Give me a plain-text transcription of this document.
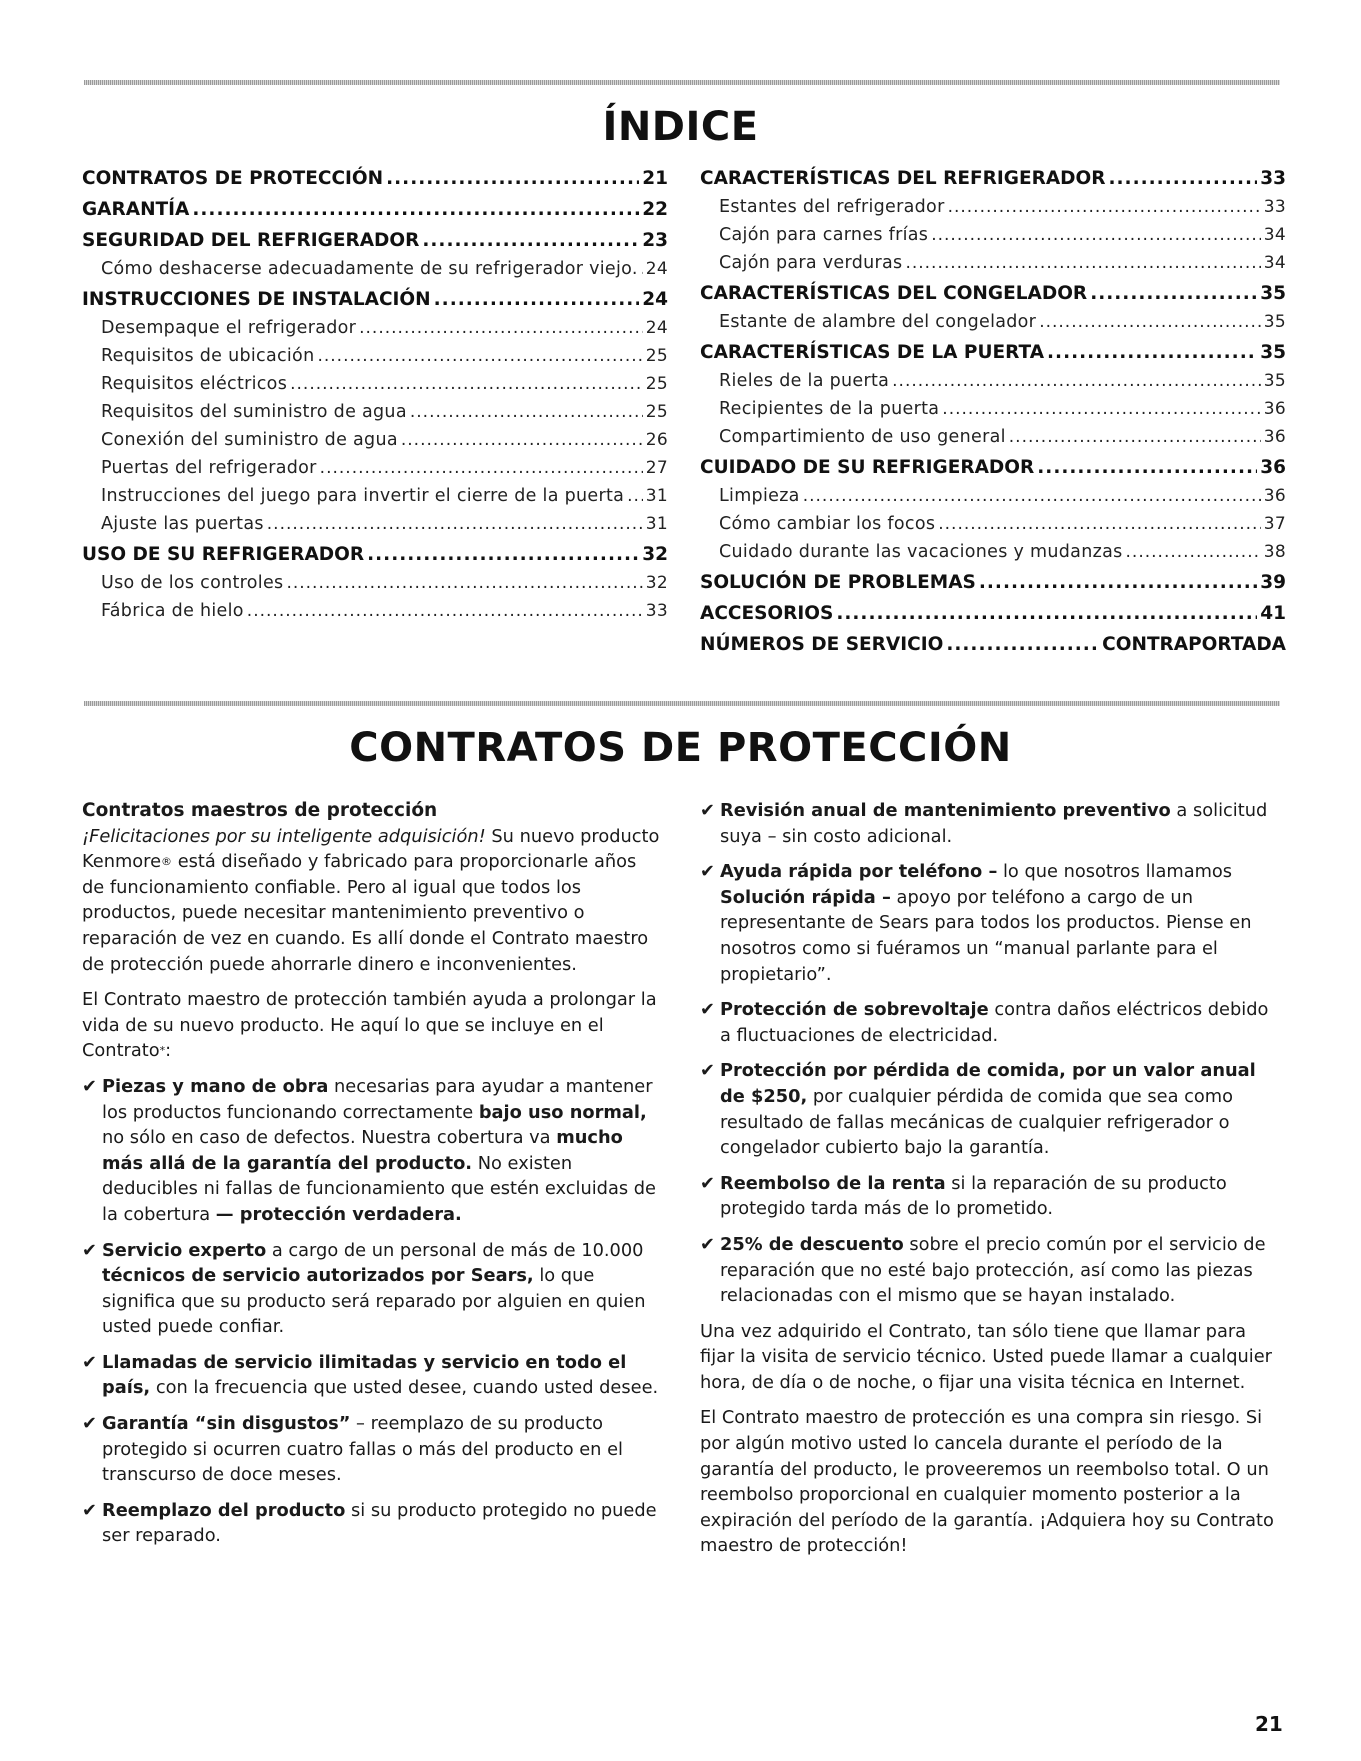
ÍNDICE
CONTRATOS DE PROTECCIÓN .....	21
GARANTÍA .....	22
SEGURIDAD DEL REFRIGERADOR .....	23
Cómo deshacerse adecuadamente de su refrigerador viejo. ..... 24
INSTRUCCIONES DE INSTALACIÓN .....	24
Desempaque el refrigerador .....	24
Requisitos de ubicación .....	25
Requisitos eléctricos .....	25
Requisitos del suministro de agua .....	25
Conexión del suministro de agua .....	26
Puertas del refrigerador .....	27
Instrucciones del juego para invertir el cierre de la puerta ..... 31
Ajuste las puertas .....	31
USO DE SU REFRIGERADOR .....	32
Uso de los controles .....	32
Fábrica de hielo .....	33
CARACTERÍSTICAS DEL REFRIGERADOR .....	33
Estantes del refrigerador .....	33
Cajón para carnes frías .....	34
Cajón para verduras .....	34
CARACTERÍSTICAS DEL CONGELADOR .....	35
Estante de alambre del congelador .....	35
CARACTERÍSTICAS DE LA PUERTA .....	35
Rieles de la puerta .....	35
Recipientes de la puerta .....	36
Compartimiento de uso general .....	36
CUIDADO DE SU REFRIGERADOR .....	36
Limpieza .....	36
Cómo cambiar los focos .....	37
Cuidado durante las vacaciones y mudanzas .....	38
SOLUCIÓN DE PROBLEMAS .....	39
ACCESORIOS .....	41
NÚMEROS DE SERVICIO .....	CONTRAPORTADA
CONTRATOS DE PROTECCIÓN

Contratos maestros de protección

¡Felicitaciones por su inteligente adquisición! Su nuevo producto Kenmore® está diseñado y fabricado para proporcionarle años de funcionamiento confiable. Pero al igual que todos los productos, puede necesitar mantenimiento preventivo o reparación de vez en cuando. Es allí donde el Contrato maestro de protección puede ahorrarle dinero e inconvenientes.

El Contrato maestro de protección también ayuda a prolongar la vida de su nuevo producto. He aquí lo que se incluye en el Contrato*:

✔ Piezas y mano de obra necesarias para ayudar a mantener los productos funcionando correctamente bajo uso normal, no sólo en caso de defectos. Nuestra cobertura va mucho más allá de la garantía del producto. No existen deducibles ni fallas de funcionamiento que estén excluidas de la cobertura — protección verdadera.

✔ Servicio experto a cargo de un personal de más de 10.000 técnicos de servicio autorizados por Sears, lo que significa que su producto será reparado por alguien en quien usted puede confiar.

✔ Llamadas de servicio ilimitadas y servicio en todo el país, con la frecuencia que usted desee, cuando usted desee.

✔ Garantía “sin disgustos” – reemplazo de su producto protegido si ocurren cuatro fallas o más del producto en el transcurso de doce meses.

✔ Reemplazo del producto si su producto protegido no puede ser reparado.

✔ Revisión anual de mantenimiento preventivo a solicitud suya – sin costo adicional.

✔ Ayuda rápida por teléfono – lo que nosotros llamamos Solución rápida – apoyo por teléfono a cargo de un representante de Sears para todos los productos. Piense en nosotros como si fuéramos un “manual parlante para el propietario”.

✔ Protección de sobrevoltaje contra daños eléctricos debido a fluctuaciones de electricidad.

✔ Protección por pérdida de comida, por un valor anual de $250, por cualquier pérdida de comida que sea como resultado de fallas mecánicas de cualquier refrigerador o congelador cubierto bajo la garantía.

✔ Reembolso de la renta si la reparación de su producto protegido tarda más de lo prometido.

✔ 25% de descuento sobre el precio común por el servicio de reparación que no esté bajo protección, así como las piezas relacionadas con el mismo que se hayan instalado.

Una vez adquirido el Contrato, tan sólo tiene que llamar para fijar la visita de servicio técnico. Usted puede llamar a cualquier hora, de día o de noche, o fijar una visita técnica en Internet.

El Contrato maestro de protección es una compra sin riesgo. Si por algún motivo usted lo cancela durante el período de la garantía del producto, le proveeremos un reembolso total. O un reembolso proporcional en cualquier momento posterior a la expiración del período de la garantía. ¡Adquiera hoy su Contrato maestro de protección!

21
